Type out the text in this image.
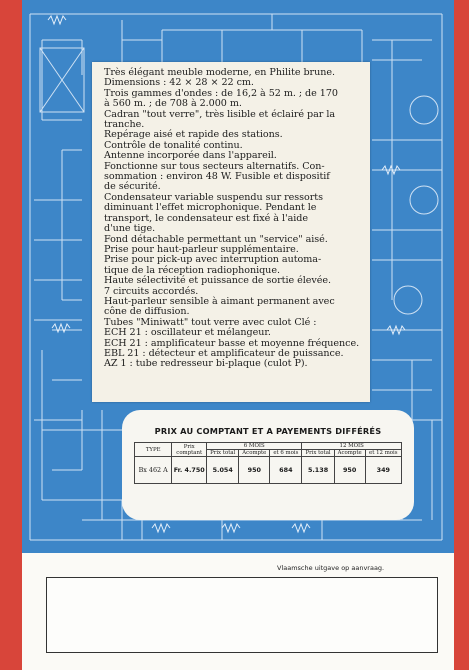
Très élégant meuble moderne, en Philite brune.

Dimensions : 42 × 28 × 22 cm.

Trois gammes d'ondes : de 16,2 à 52 m. ; de 170

à 560 m. ; de 708 à 2.000 m.

Cadran "tout verre", très lisible et éclairé par la

tranche.

Repérage aisé et rapide des stations.

Contrôle de tonalité continu.

Antenne incorporée dans l'appareil.

Fonctionne sur tous secteurs alternatifs. Con-

sommation : environ 48 W. Fusible et dispositif

de sécurité.

Condensateur variable suspendu sur ressorts

diminuant l'effet microphonique. Pendant le

transport, le condensateur est fixé à l'aide

d'une tige.

Fond détachable permettant un "service" aisé.

Prise pour haut-parleur supplémentaire.

Prise pour pick-up avec interruption automa-

tique de la réception radiophonique.

Haute sélectivité et puissance de sortie élevée.

7 circuits accordés.

Haut-parleur sensible à aimant permanent avec

cône de diffusion.

Tubes "Miniwatt" tout verre avec culot Clé :

ECH 21 : oscillateur et mélangeur.

ECH 21 : amplificateur basse et moyenne fréquence.

EBL 21 : détecteur et amplificateur de puissance.

AZ 1 : tube redresseur bi-plaque (culot P).

PRIX AU COMPTANT ET A PAYEMENTS DIFFÉRÉS
TYPE	Prix comptant	6 MOIS			12 MOIS		
		Prix total	Acompte	et 6 mois	Prix total	Acompte	et 12 mois
Bx 462 A	Fr. 4.750	5.054	950	684	5.138	950	349
Vlaamsche uitgave op aanvraag.
